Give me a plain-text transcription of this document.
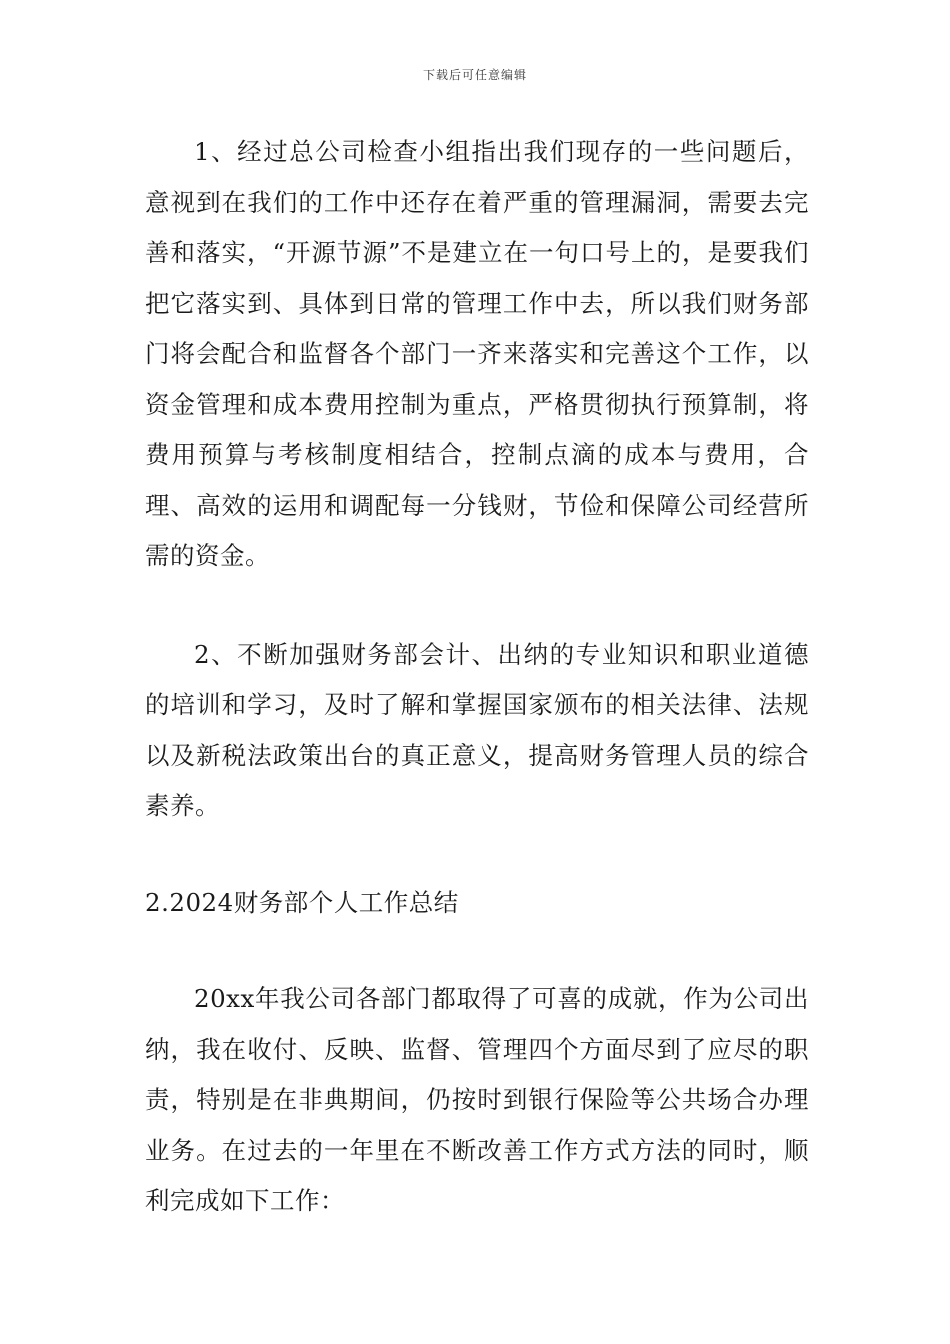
下载后可任意编辑

1、经过总公司检查小组指出我们现存的一些问题后，意视到在我们的工作中还存在着严重的管理漏洞，需要去完善和落实，“开源节源”不是建立在一句口号上的，是要我们把它落实到、具体到日常的管理工作中去，所以我们财务部门将会配合和监督各个部门一齐来落实和完善这个工作，以资金管理和成本费用控制为重点，严格贯彻执行预算制，将费用预算与考核制度相结合，控制点滴的成本与费用，合理、高效的运用和调配每一分钱财，节俭和保障公司经营所需的资金。

2、不断加强财务部会计、出纳的专业知识和职业道德的培训和学习，及时了解和掌握国家颁布的相关法律、法规以及新税法政策出台的真正意义，提高财务管理人员的综合素养。

2.2024财务部个人工作总结

20xx年我公司各部门都取得了可喜的成就，作为公司出纳，我在收付、反映、监督、管理四个方面尽到了应尽的职责，特别是在非典期间，仍按时到银行保险等公共场合办理业务。在过去的一年里在不断改善工作方式方法的同时，顺利完成如下工作：
